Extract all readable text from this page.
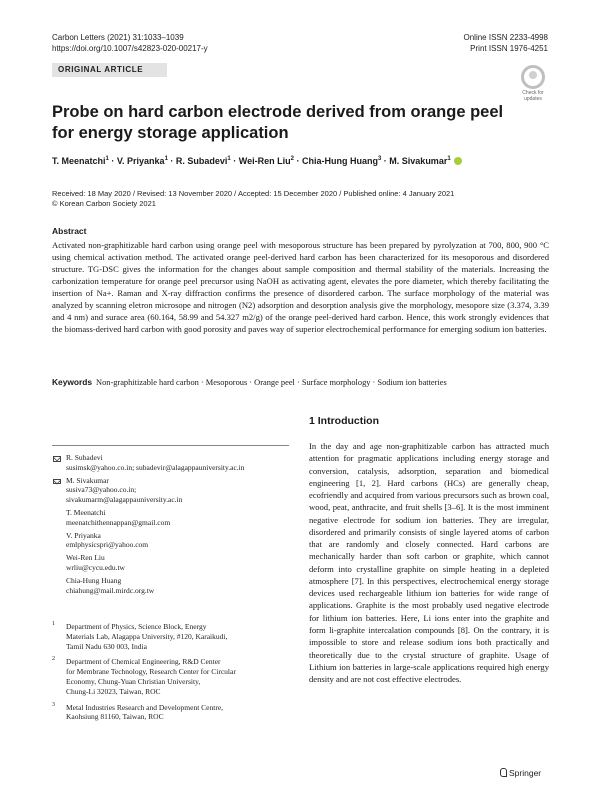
Carbon Letters (2021) 31:1033–1039
https://doi.org/10.1007/s42823-020-00217-y
Online ISSN 2233-4998
Print ISSN 1976-4251
ORIGINAL ARTICLE
Check for
updates
Probe on hard carbon electrode derived from orange peel for energy storage application
T. Meenatchi$^1$ · V. Priyanka$^1$ · R. Subadevi$^1$ · Wei-Ren Liu$^2$ · Chia-Hung Huang$^3$ · M. Sivakumar$^1$
Received: 18 May 2020 / Revised: 13 November 2020 / Accepted: 15 December 2020 / Published online: 4 January 2021
© Korean Carbon Society 2021
Abstract

Activated non-graphitizable hard carbon using orange peel with mesoporous structure has been prepared by pyrolyzation at 700, 800, 900 °C using chemical activation method. The activated orange peel-derived hard carbon has been characterized for its mesoporous and disordered structure. TG-DSC gives the information for the changes about sample composition and thermal stability of the materials. Increasing the carbonization temperature for orange peel precursor using NaOH as activating agent, elevates the pore diameter, which thereby facilitating the insertion of Na+. Raman and X-ray diffraction confirms the presence of disordered carbon. The surface morphology of the material was analyzed by scanning eletron microsope and nitrogen (N2) adsorption and desorption analysis give the morphology, mesopore size (3.374, 3.39 and 4 nm) and surace area (60.164, 58.99 and 54.327 m2/g) of the orange peel-derived hard carbon. Hence, this work strongly evidences that the biomass-derived hard carbon with good porosity and paves way of superior electrochemical performance for emerging sodium ion batteries.

Keywords Non-graphitizable hard carbon · Mesoporous · Orange peel · Surface morphology · Sodium ion batteries
R. Subadevi
susimsk@yahoo.co.in; subadevir@alagappauniversity.ac.in
M. Sivakumar
susiva73@yahoo.co.in;
sivakumarm@alagappauniversity.ac.in
T. Meenatchi
meenatchithennappan@gmail.com
V. Priyanka
emlphysicspri@yahoo.com
Wei-Ren Liu
wrliu@cycu.edu.tw
Chia-Hung Huang
chiahung@mail.mirdc.org.tw
1 Department of Physics, Science Block, Energy
Materials Lab, Alagappa University, #120, Karaikudi,
Tamil Nadu 630 003, India
2 Department of Chemical Engineering, R&D Center
for Membrane Technology, Research Center for Circular
Economy, Chung-Yuan Christian University,
Chung-Li 32023, Taiwan, ROC
3 Metal Industries Research and Development Centre,
Kaohsiung 81160, Taiwan, ROC
1 Introduction

In the day and age non-graphitizable carbon has attracted much attention for pragmatic applications including energy storage and conversion, catalysis, adsorption, separation and biomedical engineering [1, 2]. Hard carbons (HCs) are generally cheap, ecofriendly and acquired from various precursors such as brown coal, wood, peat, anthracite, and fruit shells [3–6]. It is the most imminent negative electrode for sodium ion batteries. They are irregular, disordered and primarily consists of single layered atoms of carbon that are randomly and closely connected. Hard carbons are mechanically harder than soft carbon or graphite, which cannot deform into crystalline graphite on simple heating in a depleted atmosphere [7]. In this perspectives, electrochemical energy storage devices used rechargeable lithium ion batteries for wide range of applications. Graphite is the most probably used negative electrode for lithium ion batteries. Here, Li ions enter into the graphite and form li-graphite intercalation compounds [8]. On the contrary, it is impossible to store and release sodium ions both practically and theoretically due to the crystal structure of graphite. Usage of Lithium ion batteries in large-scale applications required high energy density and are not cost effective electrodes.

Springer
